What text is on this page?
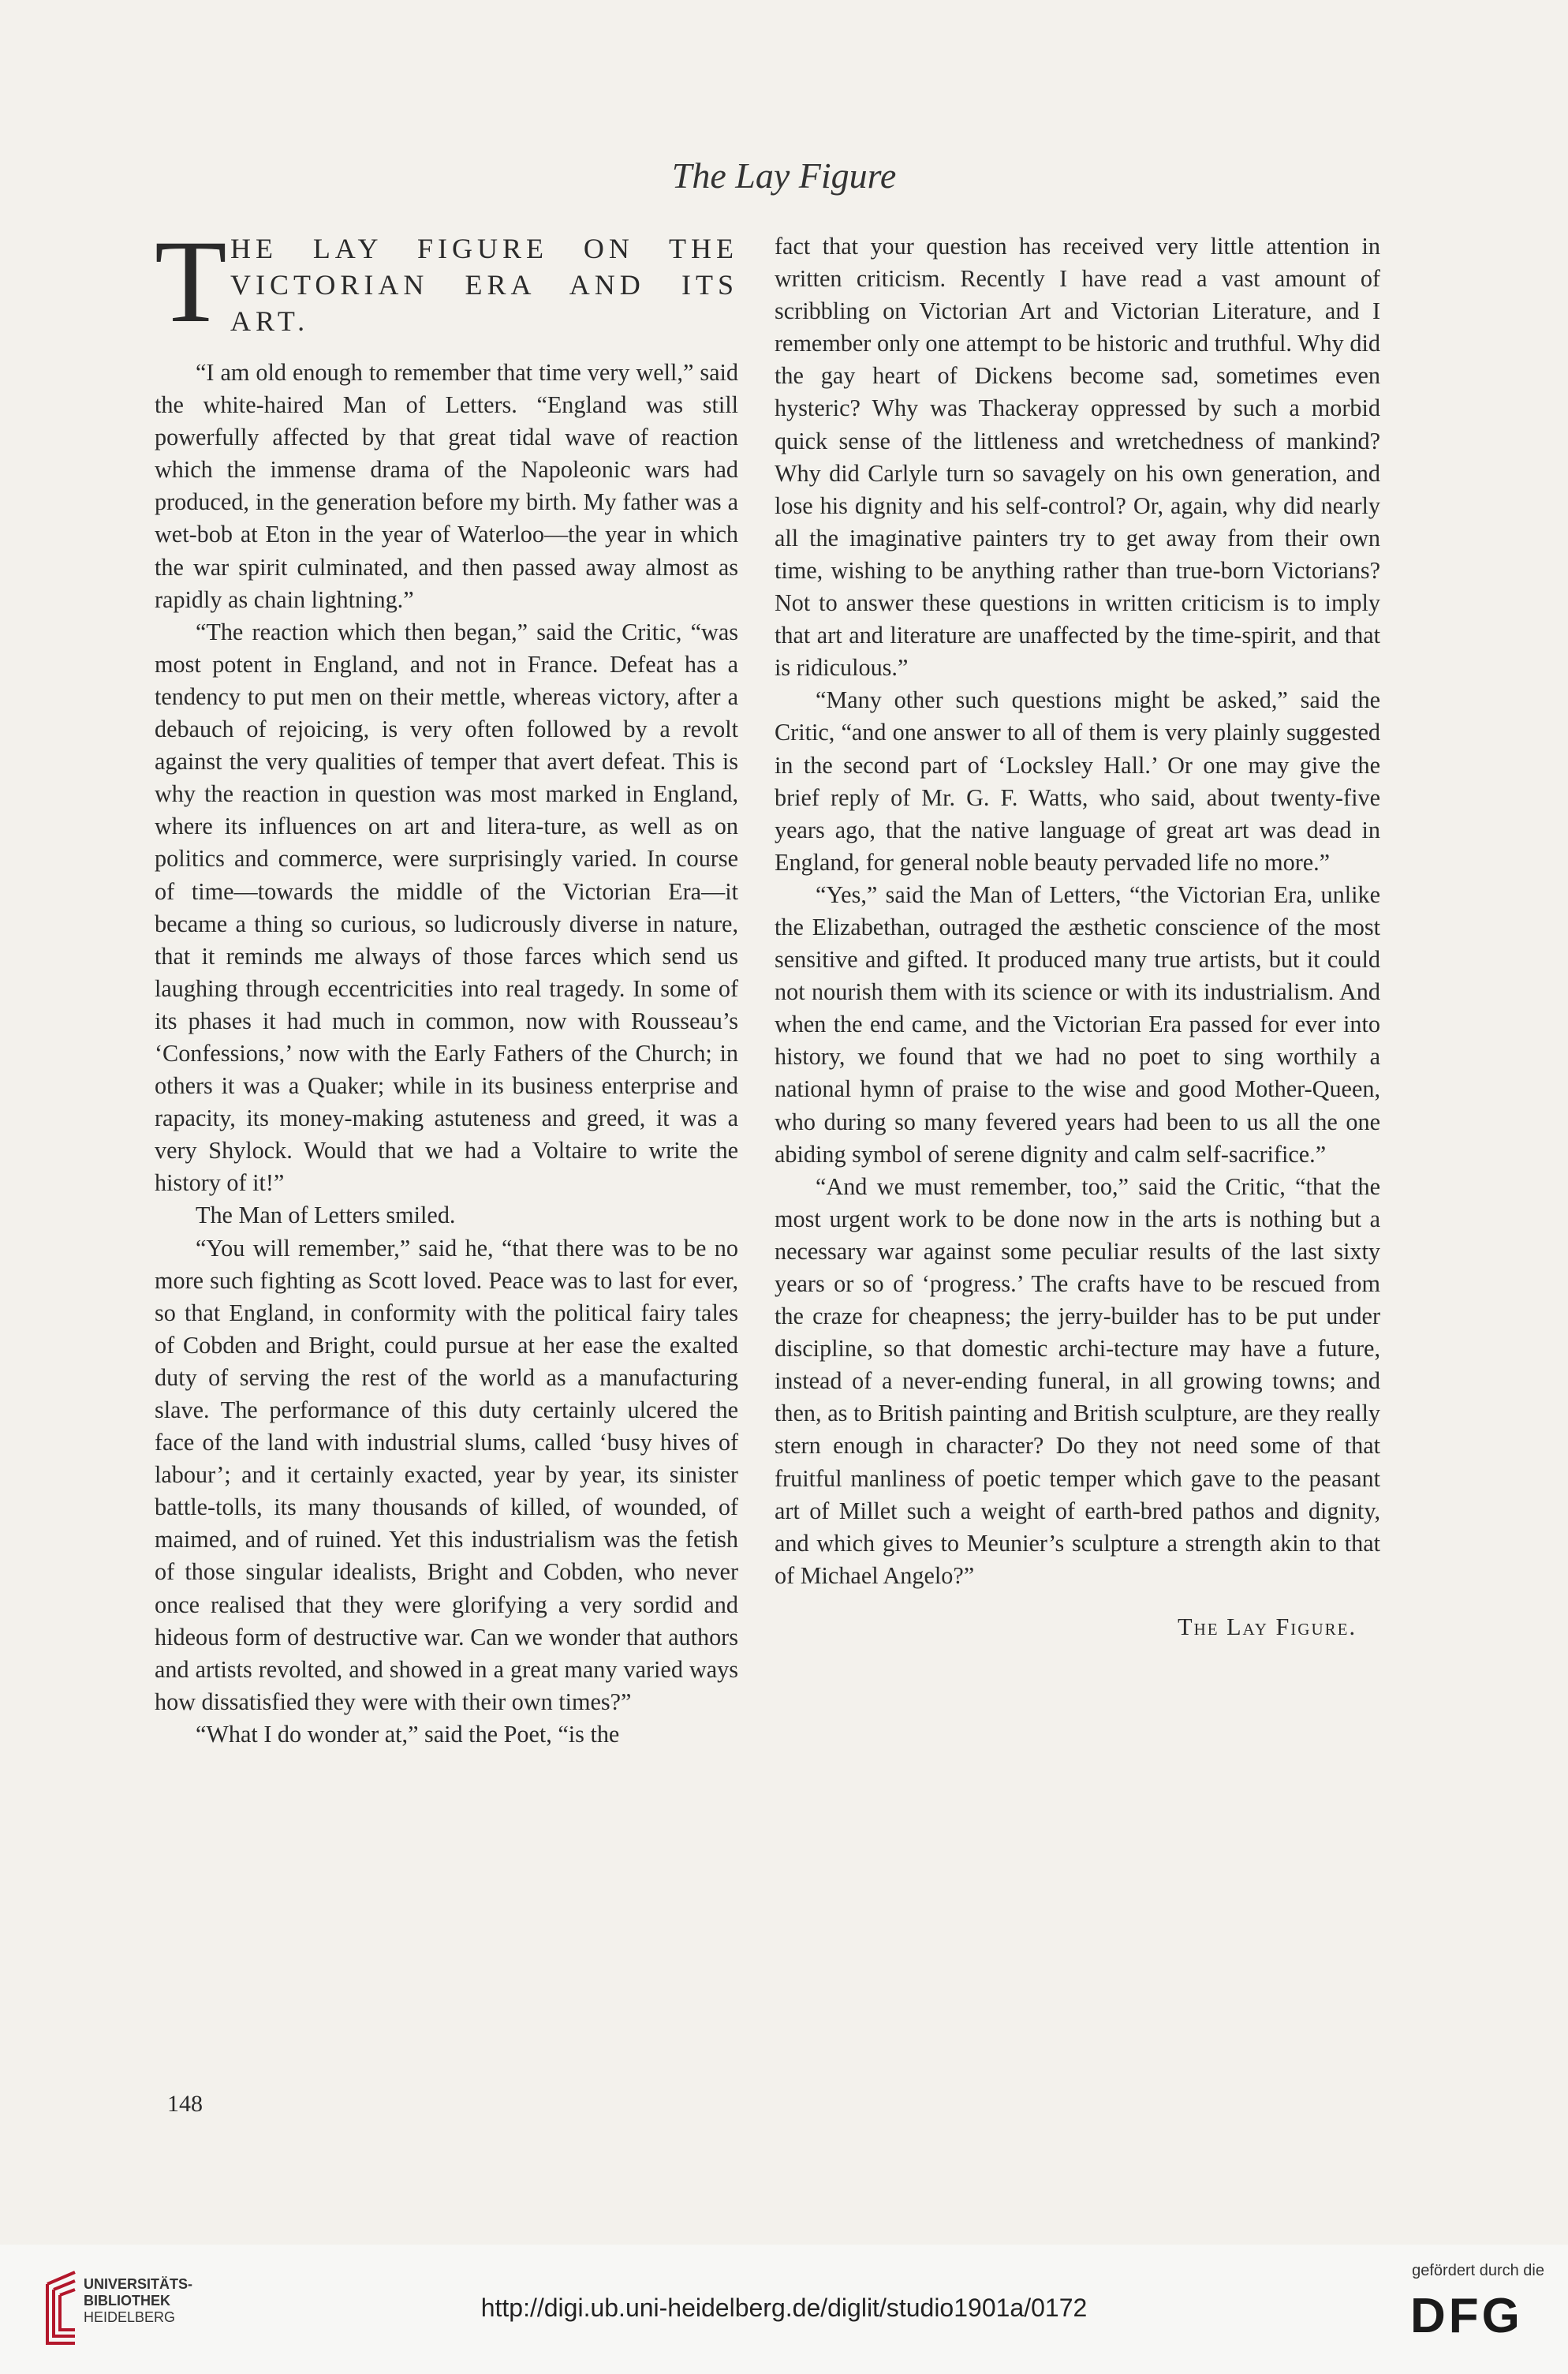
The Lay Figure
T HE LAY FIGURE ON THE VICTORIAN ERA AND ITS ART.

“I am old enough to remember that time very well,” said the white-haired Man of Letters. “England was still powerfully affected by that great tidal wave of reaction which the immense drama of the Napoleonic wars had produced, in the generation before my birth. My father was a wet-bob at Eton in the year of Waterloo—the year in which the war spirit culminated, and then passed away almost as rapidly as chain lightning.”

“The reaction which then began,” said the Critic, “was most potent in England, and not in France. Defeat has a tendency to put men on their mettle, whereas victory, after a debauch of rejoicing, is very often followed by a revolt against the very qualities of temper that avert defeat. This is why the reaction in question was most marked in England, where its influences on art and litera-ture, as well as on politics and commerce, were surprisingly varied. In course of time—towards the middle of the Victorian Era—it became a thing so curious, so ludicrously diverse in nature, that it reminds me always of those farces which send us laughing through eccentricities into real tragedy. In some of its phases it had much in common, now with Rousseau’s ‘Confessions,’ now with the Early Fathers of the Church; in others it was a Quaker; while in its business enterprise and rapacity, its money-making astuteness and greed, it was a very Shylock. Would that we had a Voltaire to write the history of it!”

The Man of Letters smiled.

“You will remember,” said he, “that there was to be no more such fighting as Scott loved. Peace was to last for ever, so that England, in conformity with the political fairy tales of Cobden and Bright, could pursue at her ease the exalted duty of serving the rest of the world as a manufacturing slave. The performance of this duty certainly ulcered the face of the land with industrial slums, called ‘busy hives of labour’; and it certainly exacted, year by year, its sinister battle-tolls, its many thousands of killed, of wounded, of maimed, and of ruined. Yet this industrialism was the fetish of those singular idealists, Bright and Cobden, who never once realised that they were glorifying a very sordid and hideous form of destructive war. Can we wonder that authors and artists revolted, and showed in a great many varied ways how dissatisfied they were with their own times?”

“What I do wonder at,” said the Poet, “is the

fact that your question has received very little attention in written criticism. Recently I have read a vast amount of scribbling on Victorian Art and Victorian Literature, and I remember only one attempt to be historic and truthful. Why did the gay heart of Dickens become sad, sometimes even hysteric? Why was Thackeray oppressed by such a morbid quick sense of the littleness and wretchedness of mankind? Why did Carlyle turn so savagely on his own generation, and lose his dignity and his self-control? Or, again, why did nearly all the imaginative painters try to get away from their own time, wishing to be anything rather than true-born Victorians? Not to answer these questions in written criticism is to imply that art and literature are unaffected by the time-spirit, and that is ridiculous.”

“Many other such questions might be asked,” said the Critic, “and one answer to all of them is very plainly suggested in the second part of ‘Locksley Hall.’ Or one may give the brief reply of Mr. G. F. Watts, who said, about twenty-five years ago, that the native language of great art was dead in England, for general noble beauty pervaded life no more.”

“Yes,” said the Man of Letters, “the Victorian Era, unlike the Elizabethan, outraged the æsthetic conscience of the most sensitive and gifted. It produced many true artists, but it could not nourish them with its science or with its industrialism. And when the end came, and the Victorian Era passed for ever into history, we found that we had no poet to sing worthily a national hymn of praise to the wise and good Mother-Queen, who during so many fevered years had been to us all the one abiding symbol of serene dignity and calm self-sacrifice.”

“And we must remember, too,” said the Critic, “that the most urgent work to be done now in the arts is nothing but a necessary war against some peculiar results of the last sixty years or so of ‘progress.’ The crafts have to be rescued from the craze for cheapness; the jerry-builder has to be put under discipline, so that domestic archi-tecture may have a future, instead of a never-ending funeral, in all growing towns; and then, as to British painting and British sculpture, are they really stern enough in character? Do they not need some of that fruitful manliness of poetic temper which gave to the peasant art of Millet such a weight of earth-bred pathos and dignity, and which gives to Meunier’s sculpture a strength akin to that of Michael Angelo?”

The Lay Figure.
148
UNIVERSITÄTS-
BIBLIOTHEK
HEIDELBERG	http://digi.ub.uni-heidelberg.de/diglit/studio1901a/0172
gefördert durch die
DFG
